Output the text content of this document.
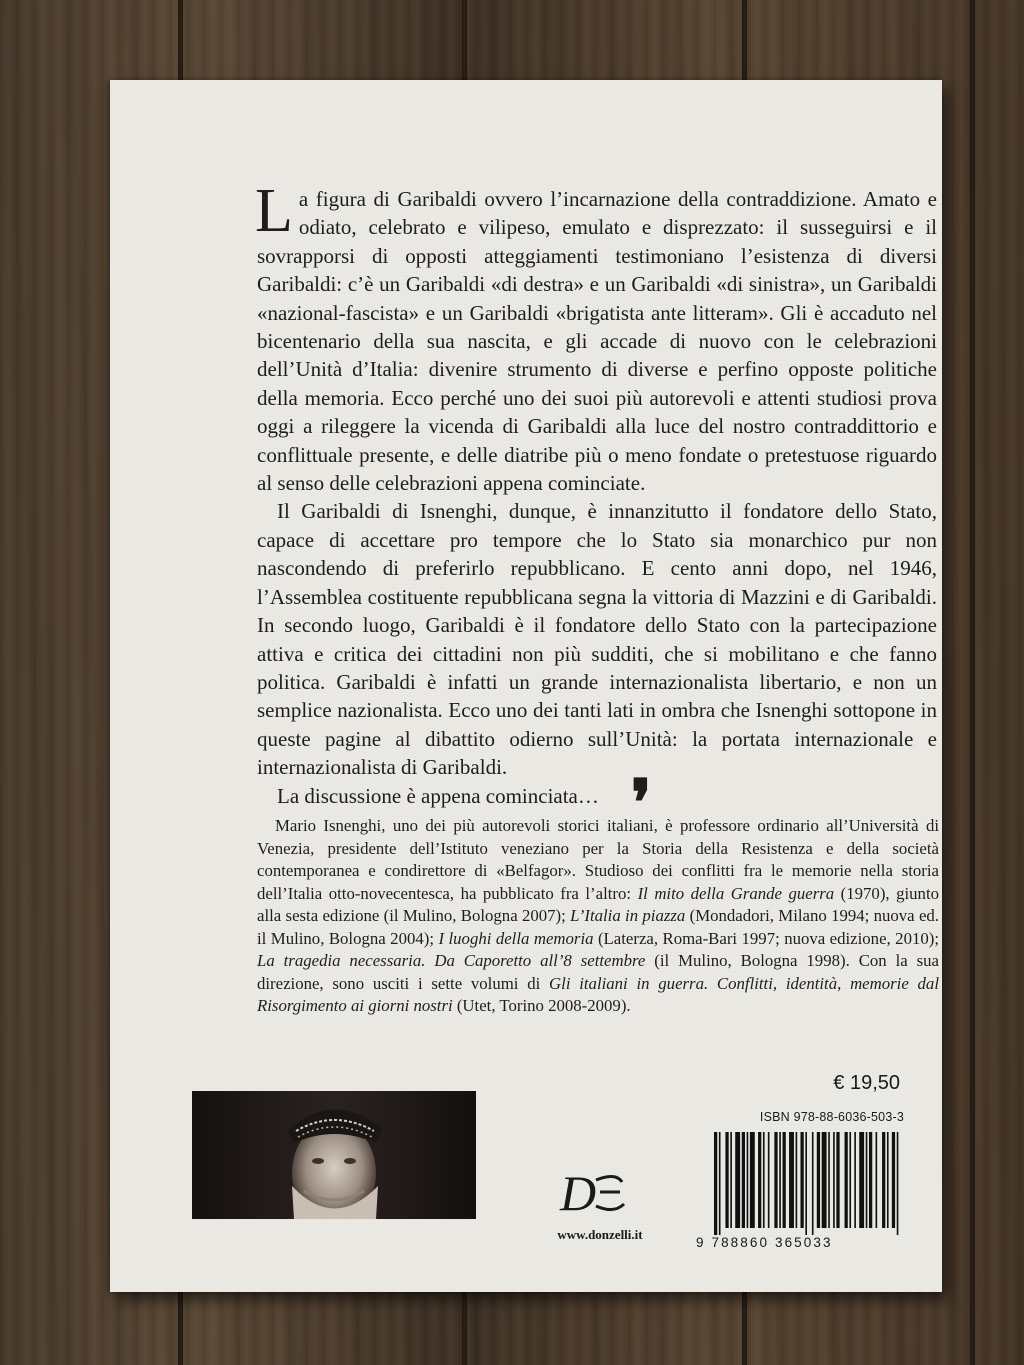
La figura di Garibaldi ovvero l’incarnazione della contraddizione. Amato e odiato, celebrato e vilipeso, emulato e disprezzato: il susseguirsi e il sovrapporsi di opposti atteggiamenti testimoniano l’esistenza di diversi Garibaldi: c’è un Garibaldi «di destra» e un Garibaldi «di sinistra», un Garibaldi «nazional-fascista» e un Garibaldi «brigatista ante litteram». Gli è accaduto nel bicentenario della sua nascita, e gli accade di nuovo con le celebrazioni dell’Unità d’Italia: divenire strumento di diverse e perfino opposte politiche della memoria. Ecco perché uno dei suoi più autorevoli e attenti studiosi prova oggi a rileggere la vicenda di Garibaldi alla luce del nostro contraddittorio e conflittuale presente, e delle diatribe più o meno fondate o pretestuose riguardo al senso delle celebrazioni appena cominciate.

Il Garibaldi di Isnenghi, dunque, è innanzitutto il fondatore dello Stato, capace di accettare pro tempore che lo Stato sia monarchico pur non nascondendo di preferirlo repubblicano. E cento anni dopo, nel 1946, l’Assemblea costituente repubblicana segna la vittoria di Mazzini e di Garibaldi. In secondo luogo, Garibaldi è il fondatore dello Stato con la partecipazione attiva e critica dei cittadini non più sudditi, che si mobilitano e che fanno politica. Garibaldi è infatti un grande internazionalista libertario, e non un semplice nazionalista. Ecco uno dei tanti lati in ombra che Isnenghi sottopone in queste pagine al dibattito odierno sull’Unità: la portata internazionale e internazionalista di Garibaldi.

La discussione è appena cominciata… ❜

Mario Isnenghi, uno dei più autorevoli storici italiani, è professore ordinario all’Università di Venezia, presidente dell’Istituto veneziano per la Storia della Resistenza e della società contemporanea e condirettore di «Belfagor». Studioso dei conflitti fra le memorie nella storia dell’Italia otto-novecentesca, ha pubblicato fra l’altro: Il mito della Grande guerra (1970), giunto alla sesta edizione (il Mulino, Bologna 2007); L’Italia in piazza (Mondadori, Milano 1994; nuova ed. il Mulino, Bologna 2004); I luoghi della memoria (Laterza, Roma-Bari 1997; nuova edizione, 2010); La tragedia necessaria. Da Caporetto all’8 settembre (il Mulino, Bologna 1998). Con la sua direzione, sono usciti i sette volumi di Gli italiani in guerra. Conflitti, identità, memorie dal Risorgimento ai giorni nostri (Utet, Torino 2008-2009).

€ 19,50
ISBN 978-88-6036-503-3
9 788860 365033
D
www.donzelli.it
